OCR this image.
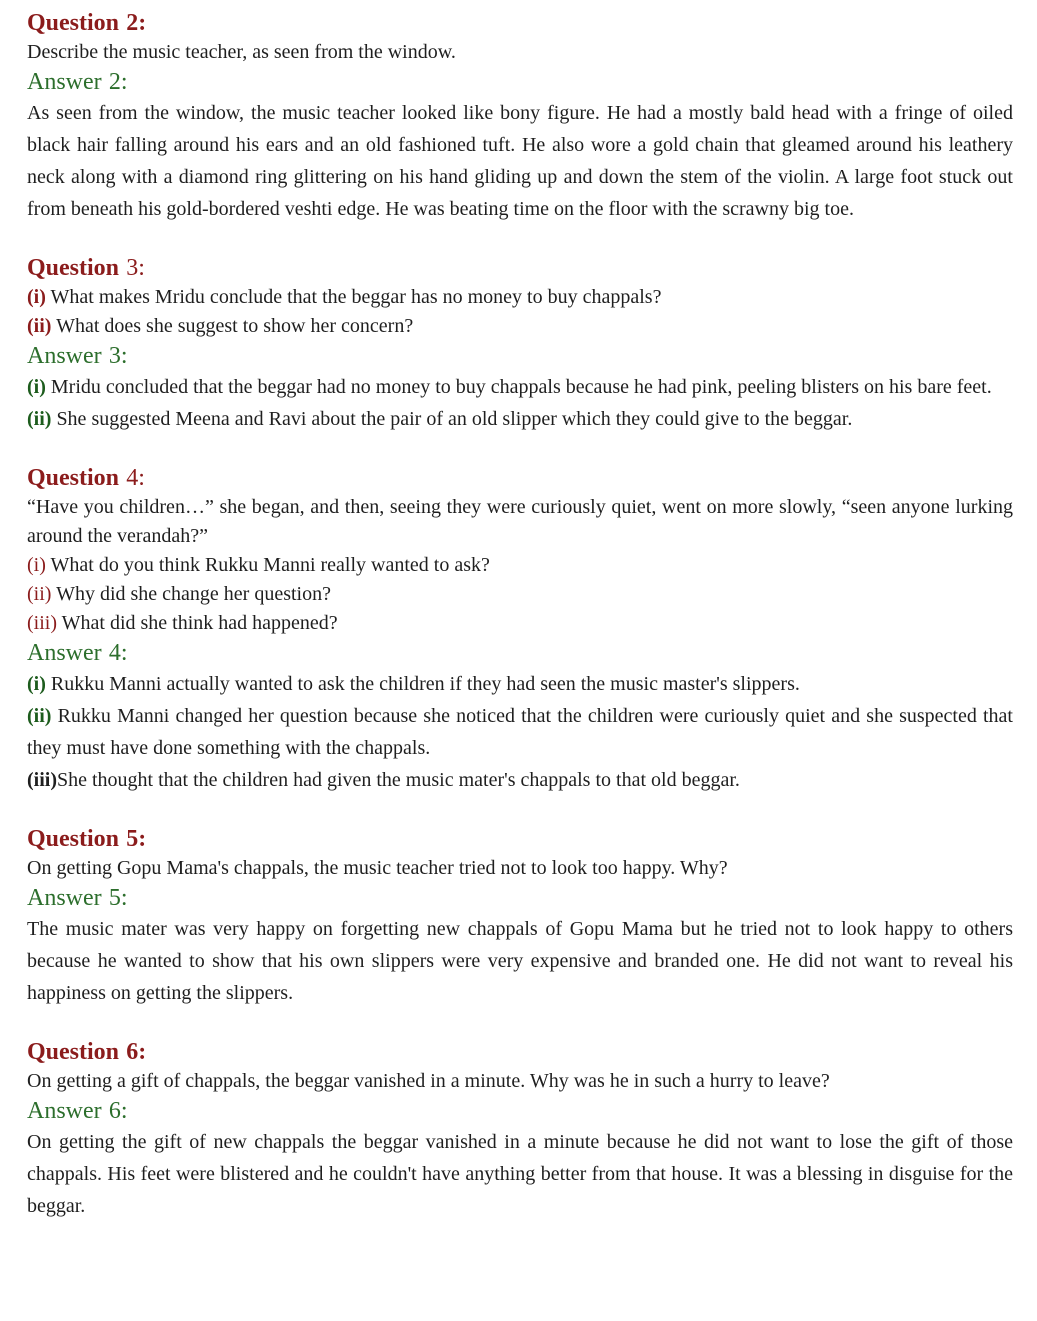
Question 2:

Describe the music teacher, as seen from the window.

Answer 2:

As seen from the window, the music teacher looked like bony figure. He had a mostly bald head with a fringe of oiled black hair falling around his ears and an old fashioned tuft. He also wore a gold chain that gleamed around his leathery neck along with a diamond ring glittering on his hand gliding up and down the stem of the violin. A large foot stuck out from beneath his gold-bordered veshti edge. He was beating time on the floor with the scrawny big toe.

Question 3:

(i) What makes Mridu conclude that the beggar has no money to buy chappals?

(ii) What does she suggest to show her concern?

Answer 3:

(i) Mridu concluded that the beggar had no money to buy chappals because he had pink, peeling blisters on his bare feet.

(ii) She suggested Meena and Ravi about the pair of an old slipper which they could give to the beggar.

Question 4:

“Have you children…” she began, and then, seeing they were curiously quiet, went on more slowly, “seen anyone lurking around the verandah?”

(i) What do you think Rukku Manni really wanted to ask?

(ii) Why did she change her question?

(iii) What did she think had happened?

Answer 4:

(i) Rukku Manni actually wanted to ask the children if they had seen the music master's slippers.

(ii) Rukku Manni changed her question because she noticed that the children were curiously quiet and she suspected that they must have done something with the chappals.

(iii)She thought that the children had given the music mater's chappals to that old beggar.

Question 5:

On getting Gopu Mama's chappals, the music teacher tried not to look too happy. Why?

Answer 5:

The music mater was very happy on forgetting new chappals of Gopu Mama but he tried not to look happy to others because he wanted to show that his own slippers were very expensive and branded one. He did not want to reveal his happiness on getting the slippers.

Question 6:

On getting a gift of chappals, the beggar vanished in a minute. Why was he in such a hurry to leave?

Answer 6:

On getting the gift of new chappals the beggar vanished in a minute because he did not want to lose the gift of those chappals. His feet were blistered and he couldn't have anything better from that house. It was a blessing in disguise for the beggar.
